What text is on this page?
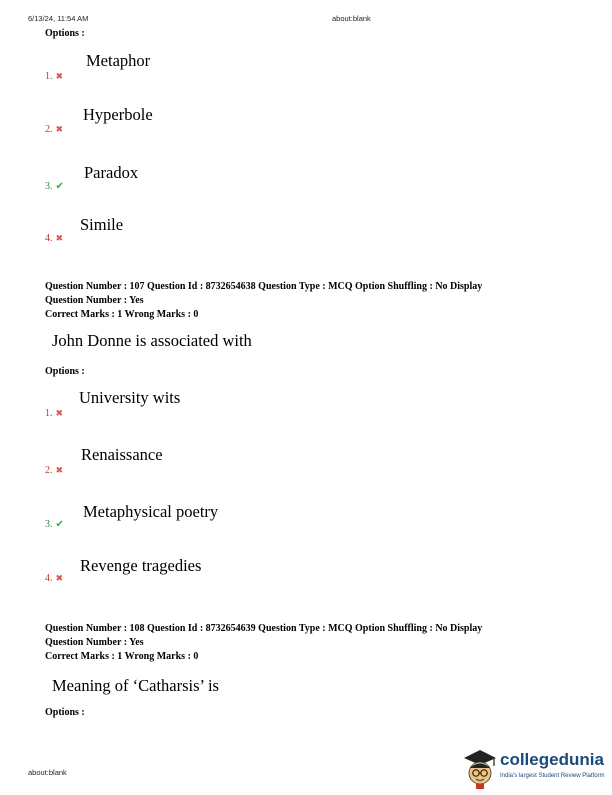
6/13/24, 11:54 AM	about:blank
Options :
Metaphor
1. ✖
Hyperbole
2. ✖
Paradox
3. ✔
Simile
4. ✖
Question Number : 107 Question Id : 8732654638 Question Type : MCQ Option Shuffling : No Display
Question Number : Yes
Correct Marks : 1 Wrong Marks : 0
John Donne is associated with
Options :
University wits
1. ✖
Renaissance
2. ✖
Metaphysical poetry
3. ✔
Revenge tragedies
4. ✖
Question Number : 108 Question Id : 8732654639 Question Type : MCQ Option Shuffling : No Display
Question Number : Yes
Correct Marks : 1 Wrong Marks : 0
Meaning of ‘Catharsis’ is
Options :
about:blank
collegedunia
India's largest Student Review Platform
